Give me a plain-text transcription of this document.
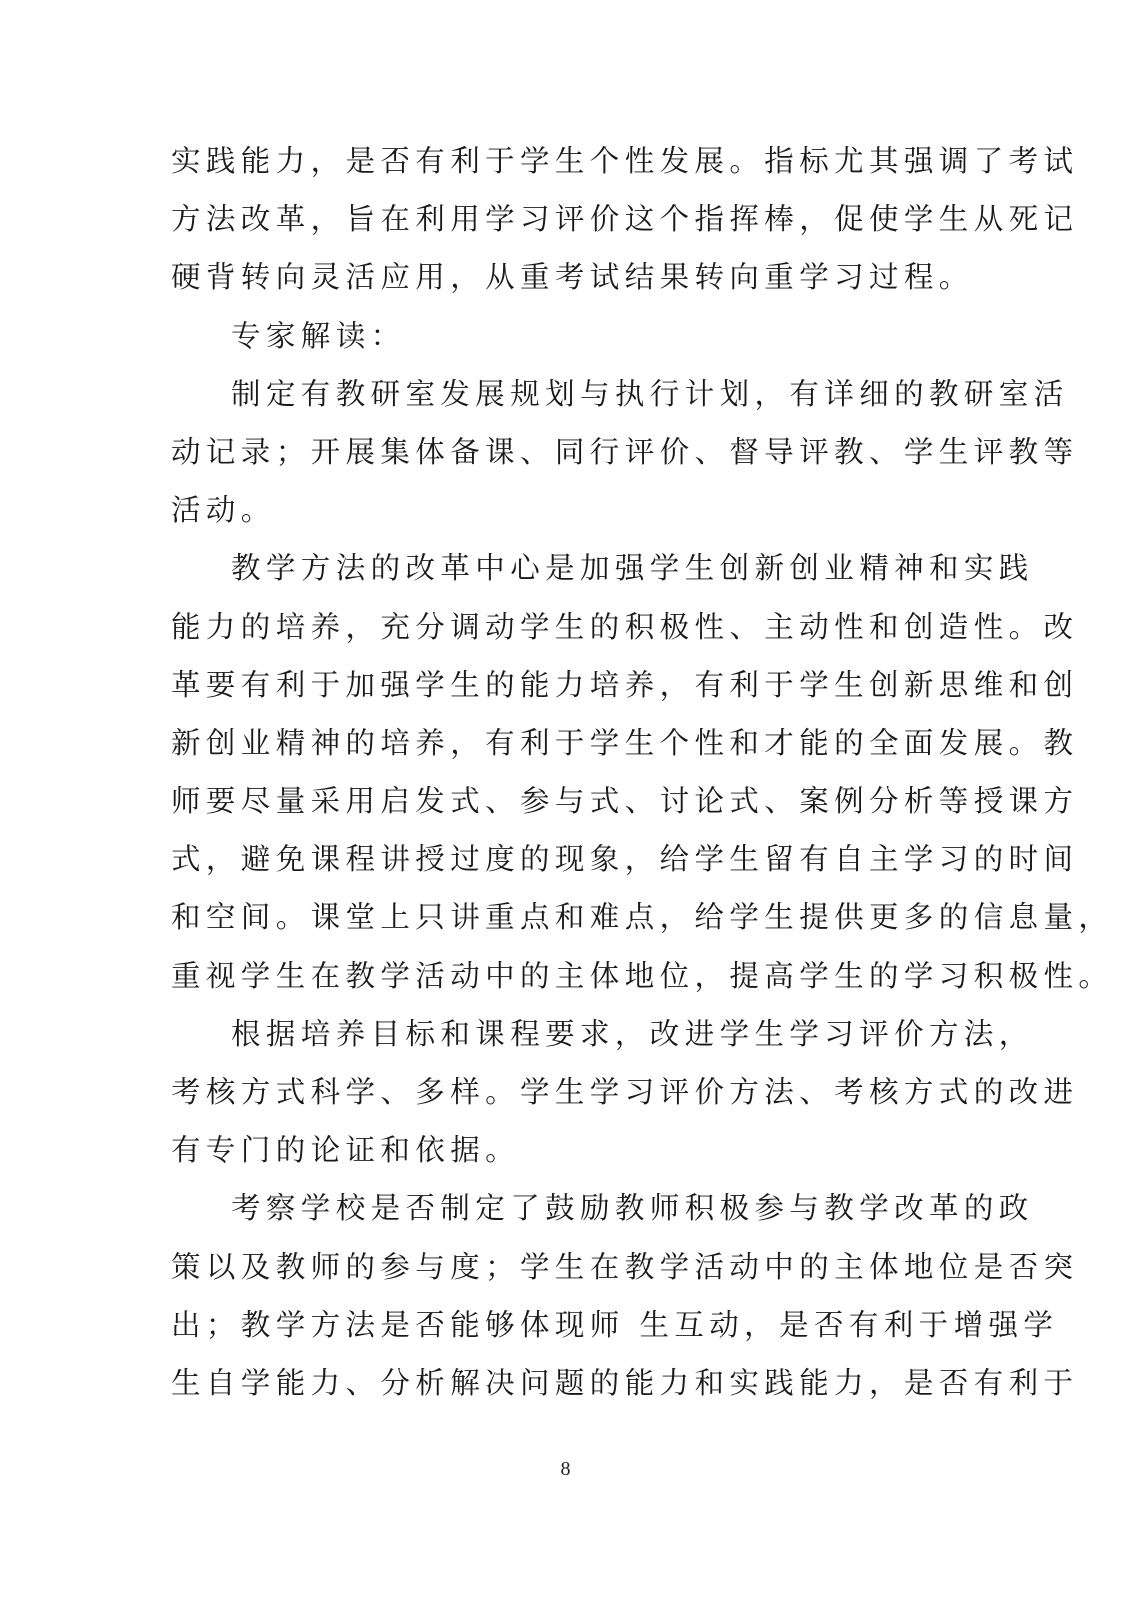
实践能力，是否有利于学生个性发展。指标尤其强调了考试
方法改革，旨在利用学习评价这个指挥棒，促使学生从死记
硬背转向灵活应用，从重考试结果转向重学习过程。
专家解读：
制定有教研室发展规划与执行计划，有详细的教研室活
动记录；开展集体备课、同行评价、督导评教、学生评教等
活动。
教学方法的改革中心是加强学生创新创业精神和实践
能力的培养，充分调动学生的积极性、主动性和创造性。改
革要有利于加强学生的能力培养，有利于学生创新思维和创
新创业精神的培养，有利于学生个性和才能的全面发展。教
师要尽量采用启发式、参与式、讨论式、案例分析等授课方
式，避免课程讲授过度的现象，给学生留有自主学习的时间
和空间。课堂上只讲重点和难点，给学生提供更多的信息量，
重视学生在教学活动中的主体地位，提高学生的学习积极性。
根据培养目标和课程要求，改进学生学习评价方法，
考核方式科学、多样。学生学习评价方法、考核方式的改进
有专门的论证和依据。
考察学校是否制定了鼓励教师积极参与教学改革的政
策以及教师的参与度；学生在教学活动中的主体地位是否突
出；教学方法是否能够体现师 生互动，是否有利于增强学
生自学能力、分析解决问题的能力和实践能力，是否有利于
8
